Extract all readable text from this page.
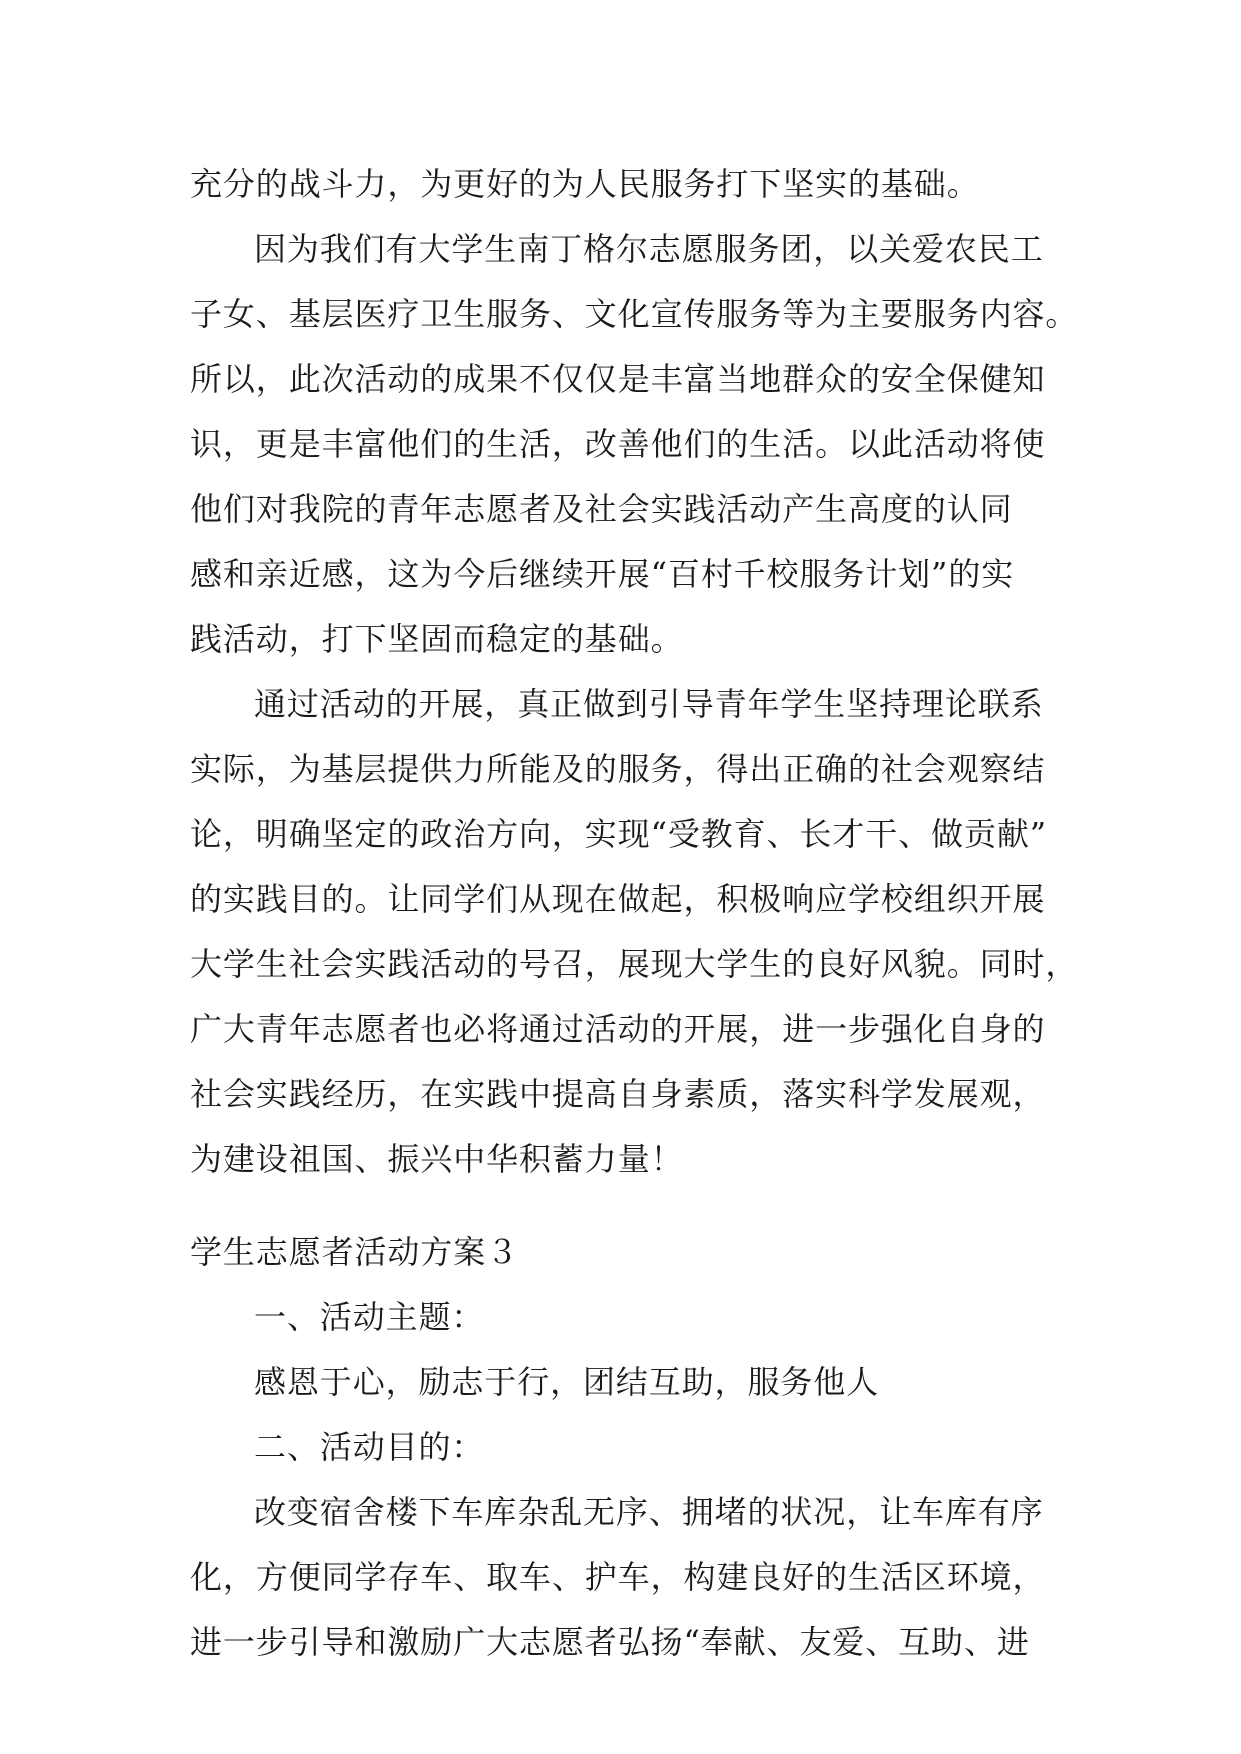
充分的战斗力，为更好的为人民服务打下坚实的基础。
因为我们有大学生南丁格尔志愿服务团，以关爱农民工
子女、基层医疗卫生服务、文化宣传服务等为主要服务内容。
所以，此次活动的成果不仅仅是丰富当地群众的安全保健知
识，更是丰富他们的生活，改善他们的生活。以此活动将使
他们对我院的青年志愿者及社会实践活动产生高度的认同
感和亲近感，这为今后继续开展“百村千校服务计划”的实
践活动，打下坚固而稳定的基础。
通过活动的开展，真正做到引导青年学生坚持理论联系
实际，为基层提供力所能及的服务，得出正确的社会观察结
论，明确坚定的政治方向，实现“受教育、长才干、做贡献”
的实践目的。让同学们从现在做起，积极响应学校组织开展
大学生社会实践活动的号召，展现大学生的良好风貌。同时，
广大青年志愿者也必将通过活动的开展，进一步强化自身的
社会实践经历，在实践中提高自身素质，落实科学发展观，
为建设祖国、振兴中华积蓄力量！
学生志愿者活动方案３
一、活动主题：
感恩于心，励志于行，团结互助，服务他人
二、活动目的：
改变宿舍楼下车库杂乱无序、拥堵的状况，让车库有序
化，方便同学存车、取车、护车，构建良好的生活区环境，
进一步引导和激励广大志愿者弘扬“奉献、友爱、互助、进
